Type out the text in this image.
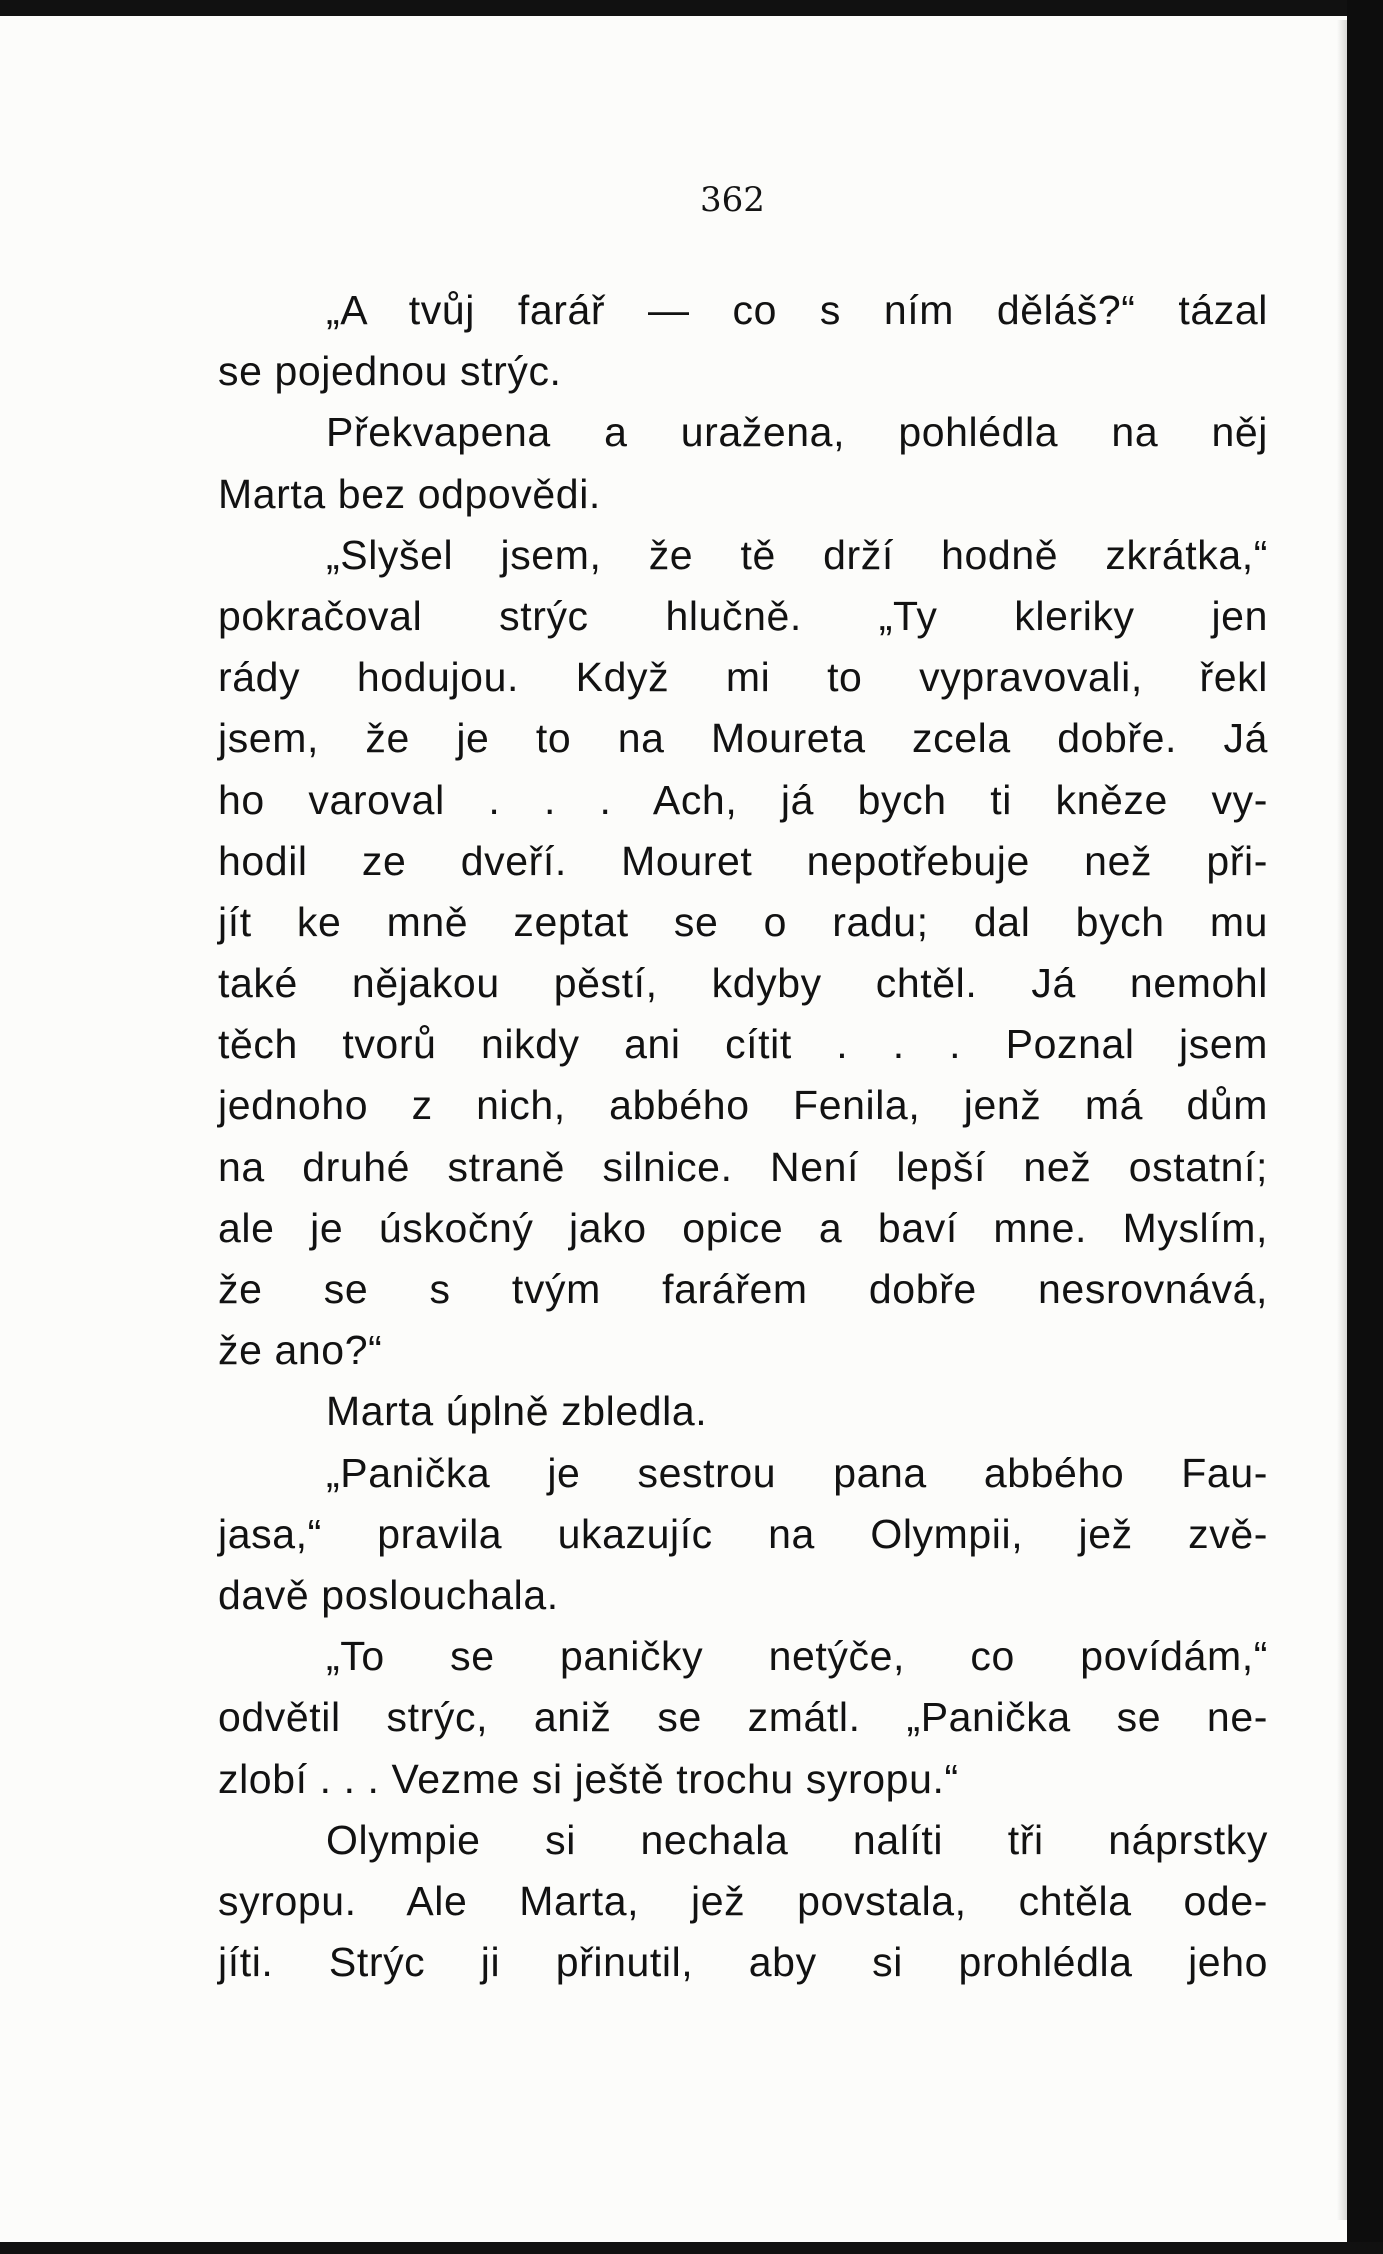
362
„A tvůj farář — co s ním děláš?“ tázal
se pojednou strýc.
Překvapena a uražena, pohlédla na něj
Marta bez odpovědi.
„Slyšel jsem, že tě drží hodně zkrátka,“
pokračoval strýc hlučně. „Ty kleriky jen
rády hodujou. Když mi to vypravovali, řekl
jsem, že je to na Moureta zcela dobře. Já
ho varoval . . . Ach, já bych ti kněze vy-
hodil ze dveří. Mouret nepotřebuje než při-
jít ke mně zeptat se o radu; dal bych mu
také nějakou pěstí, kdyby chtěl. Já nemohl
těch tvorů nikdy ani cítit . . . Poznal jsem
jednoho z nich, abbého Fenila, jenž má dům
na druhé straně silnice. Není lepší než ostatní;
ale je úskočný jako opice a baví mne. Myslím,
že se s tvým farářem dobře nesrovnává,
že ano?“
Marta úplně zbledla.
„Panička je sestrou pana abbého Fau-
jasa,“ pravila ukazujíc na Olympii, jež zvě-
davě poslouchala.
„To se paničky netýče, co povídám,“
odvětil strýc, aniž se zmátl. „Panička se ne-
zlobí . . . Vezme si ještě trochu syropu.“
Olympie si nechala nalíti tři náprstky
syropu. Ale Marta, jež povstala, chtěla ode-
jíti. Strýc ji přinutil, aby si prohlédla jeho
